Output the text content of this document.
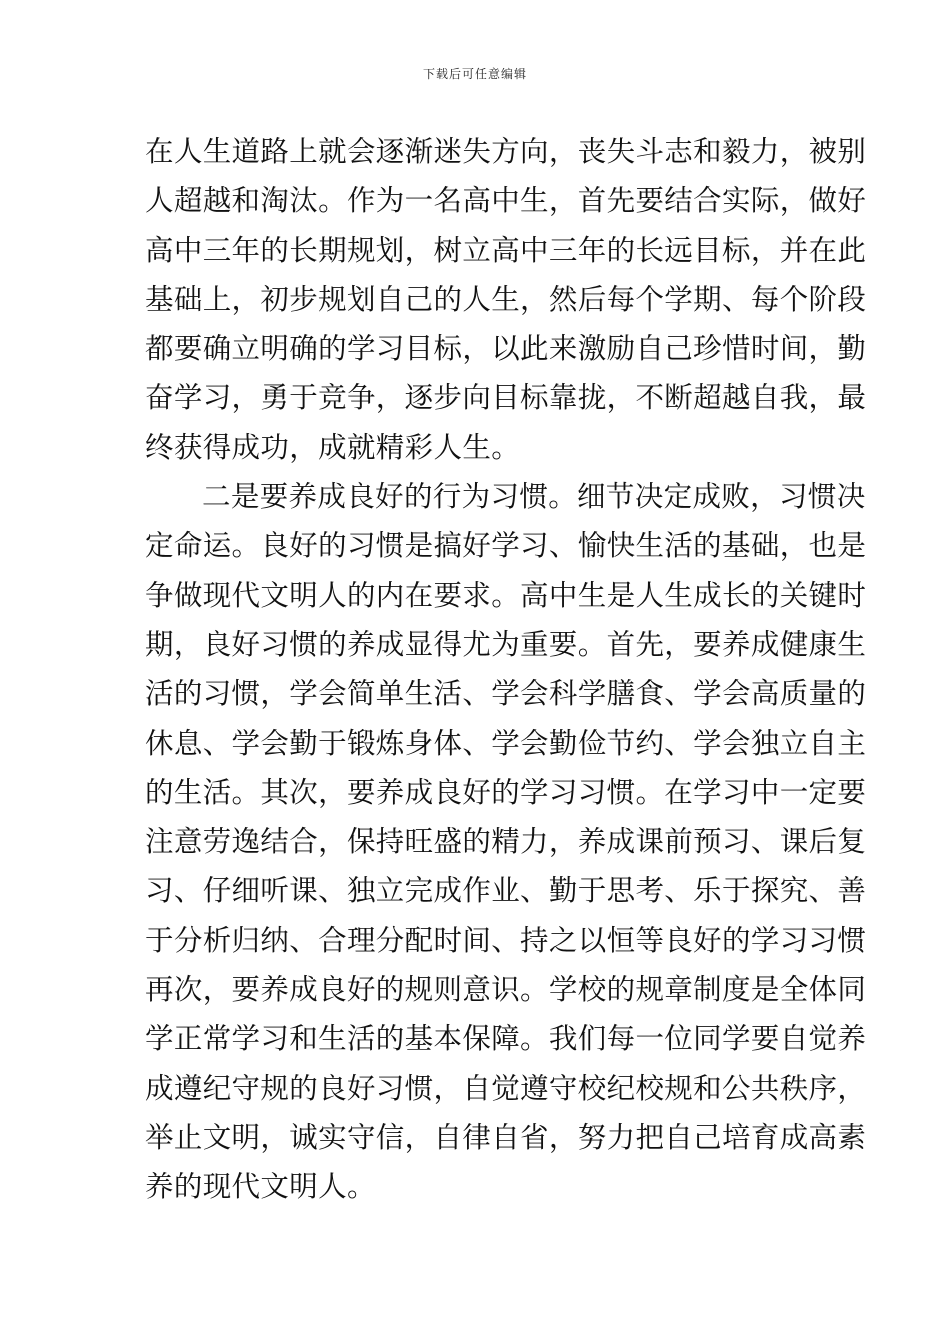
下载后可任意编辑
在人生道路上就会逐渐迷失方向，丧失斗志和毅力，被别
人超越和淘汰。作为一名高中生，首先要结合实际，做好
高中三年的长期规划，树立高中三年的长远目标，并在此
基础上，初步规划自己的人生，然后每个学期、每个阶段
都要确立明确的学习目标，以此来激励自己珍惜时间，勤
奋学习，勇于竞争，逐步向目标靠拢，不断超越自我，最
终获得成功，成就精彩人生。
二是要养成良好的行为习惯。细节决定成败，习惯决
定命运。良好的习惯是搞好学习、愉快生活的基础，也是
争做现代文明人的内在要求。高中生是人生成长的关键时
期，良好习惯的养成显得尤为重要。首先，要养成健康生
活的习惯，学会简单生活、学会科学膳食、学会高质量的
休息、学会勤于锻炼身体、学会勤俭节约、学会独立自主
的生活。其次，要养成良好的学习习惯。在学习中一定要
注意劳逸结合，保持旺盛的精力，养成课前预习、课后复
习、仔细听课、独立完成作业、勤于思考、乐于探究、善
于分析归纳、合理分配时间、持之以恒等良好的学习习惯
再次，要养成良好的规则意识。学校的规章制度是全体同
学正常学习和生活的基本保障。我们每一位同学要自觉养
成遵纪守规的良好习惯，自觉遵守校纪校规和公共秩序，
举止文明，诚实守信，自律自省，努力把自己培育成高素
养的现代文明人。
